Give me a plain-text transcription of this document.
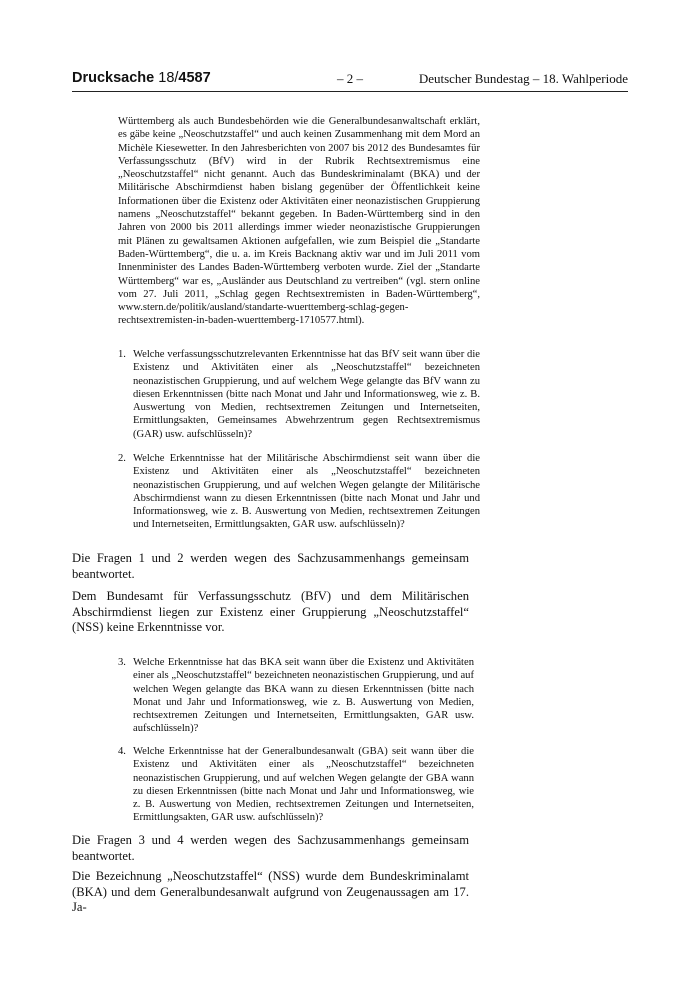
Drucksache 18/4587	– 2 –	Deutscher Bundestag – 18. Wahlperiode
Württemberg als auch Bundesbehörden wie die Generalbundesanwaltschaft erklärt, es gäbe keine „Neoschutzstaffel“ und auch keinen Zusammenhang mit dem Mord an Michèle Kiesewetter. In den Jahresberichten von 2007 bis 2012 des Bundesamtes für Verfassungsschutz (BfV) wird in der Rubrik Rechtsextremismus eine „Neoschutzstaffel“ nicht genannt. Auch das Bundeskriminalamt (BKA) und der Militärische Abschirmdienst haben bislang gegenüber der Öffentlichkeit keine Informationen über die Existenz oder Aktivitäten einer neonazistischen Gruppierung namens „Neoschutzstaffel“ bekannt gegeben. In Baden-Württemberg sind in den Jahren von 2000 bis 2011 allerdings immer wieder neonazistische Gruppierungen mit Plänen zu gewaltsamen Aktionen aufgefallen, wie zum Beispiel die „Standarte Baden-Württemberg“, die u. a. im Kreis Backnang aktiv war und im Juli 2011 vom Innenminister des Landes Baden-Württemberg verboten wurde. Ziel der „Standarte Württemberg“ war es, „Ausländer aus Deutschland zu vertreiben“ (vgl. stern online vom 27. Juli 2011, „Schlag gegen Rechtsextremisten in Baden-Württemberg“, www.stern.de/politik/ausland/standarte-wuerttemberg-schlag-gegen-rechtsextremisten-in-baden-wuerttemberg-1710577.html).
1. Welche verfassungsschutzrelevanten Erkenntnisse hat das BfV seit wann über die Existenz und Aktivitäten einer als „Neoschutzstaffel“ bezeichneten neonazistischen Gruppierung, und auf welchem Wege gelangte das BfV wann zu diesen Erkenntnissen (bitte nach Monat und Jahr und Informationsweg, wie z. B. Auswertung von Medien, rechtsextremen Zeitungen und Internetseiten, Ermittlungsakten, Gemeinsames Abwehrzentrum gegen Rechtsextremismus (GAR) usw. aufschlüsseln)?
2. Welche Erkenntnisse hat der Militärische Abschirmdienst seit wann über die Existenz und Aktivitäten einer als „Neoschutzstaffel“ bezeichneten neonazistischen Gruppierung, und auf welchen Wegen gelangte der Militärische Abschirmdienst wann zu diesen Erkenntnissen (bitte nach Monat und Jahr und Informationsweg, wie z. B. Auswertung von Medien, rechtsextremen Zeitungen und Internetseiten, Ermittlungsakten, GAR usw. aufschlüsseln)?
Die Fragen 1 und 2 werden wegen des Sachzusammenhangs gemeinsam beantwortet.
Dem Bundesamt für Verfassungsschutz (BfV) und dem Militärischen Abschirmdienst liegen zur Existenz einer Gruppierung „Neoschutzstaffel“ (NSS) keine Erkenntnisse vor.
3. Welche Erkenntnisse hat das BKA seit wann über die Existenz und Aktivitäten einer als „Neoschutzstaffel“ bezeichneten neonazistischen Gruppierung, und auf welchen Wegen gelangte das BKA wann zu diesen Erkenntnissen (bitte nach Monat und Jahr und Informationsweg, wie z. B. Auswertung von Medien, rechtsextremen Zeitungen und Internetseiten, Ermittlungsakten, GAR usw. aufschlüsseln)?
4. Welche Erkenntnisse hat der Generalbundesanwalt (GBA) seit wann über die Existenz und Aktivitäten einer als „Neoschutzstaffel“ bezeichneten neonazistischen Gruppierung, und auf welchen Wegen gelangte der GBA wann zu diesen Erkenntnissen (bitte nach Monat und Jahr und Informationsweg, wie z. B. Auswertung von Medien, rechtsextremen Zeitungen und Internetseiten, Ermittlungsakten, GAR usw. aufschlüsseln)?
Die Fragen 3 und 4 werden wegen des Sachzusammenhangs gemeinsam beantwortet.
Die Bezeichnung „Neoschutzstaffel“ (NSS) wurde dem Bundeskriminalamt (BKA) und dem Generalbundesanwalt aufgrund von Zeugenaussagen am 17. Ja-
